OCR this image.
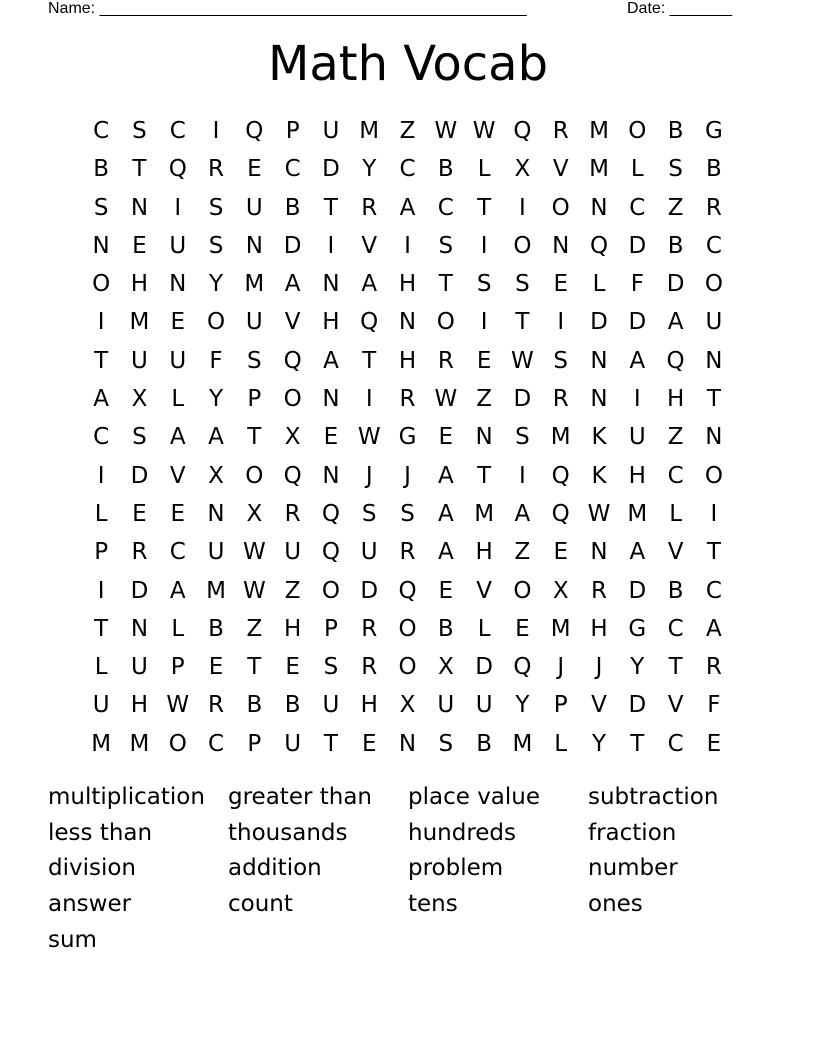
Name: ________________________________________________	Date: _______
Math Vocab
C S C	I	Q P U M Z W W Q R M O B G
B	T Q R	E C D Y	C B	L	X V M L	S	B
S N	I	S U B	T	R A C	T	I	O N C Z R
N E U S N D	I	V	I	S	I	O N Q D B C
O H N Y M A N A H T	S	S	E	L	F D O
I	M E O U V H Q N O	I	T	I	D D A U
T U U	F	S Q A	T H R	E W S N A Q N
A X	L	Y	P O N	I	R W Z D R N	I	H T
C S	A A	T	X	E W G E N S M K U Z N
I	D V X O Q N	J	J	A	T	I	Q K H C O
L	E	E N X R Q S	S	A M A Q W M L	I
P	R C U W U Q U R A H Z	E N A V	T
I	D A M W Z O D Q E	V O X R D B C
T N	L	B Z H P	R O B	L	E M H G C A
L	U P	E	T	E	S	R O X D Q	J	J	Y	T	R
U H W R B B U H X U U Y	P	V D V	F
M M O C	P U T	E N S	B M L	Y	T	C	E
multiplication	greater than	place value	subtraction
less than	thousands	hundreds	fraction
division	addition	problem	number
answer	count	tens	ones
sum
